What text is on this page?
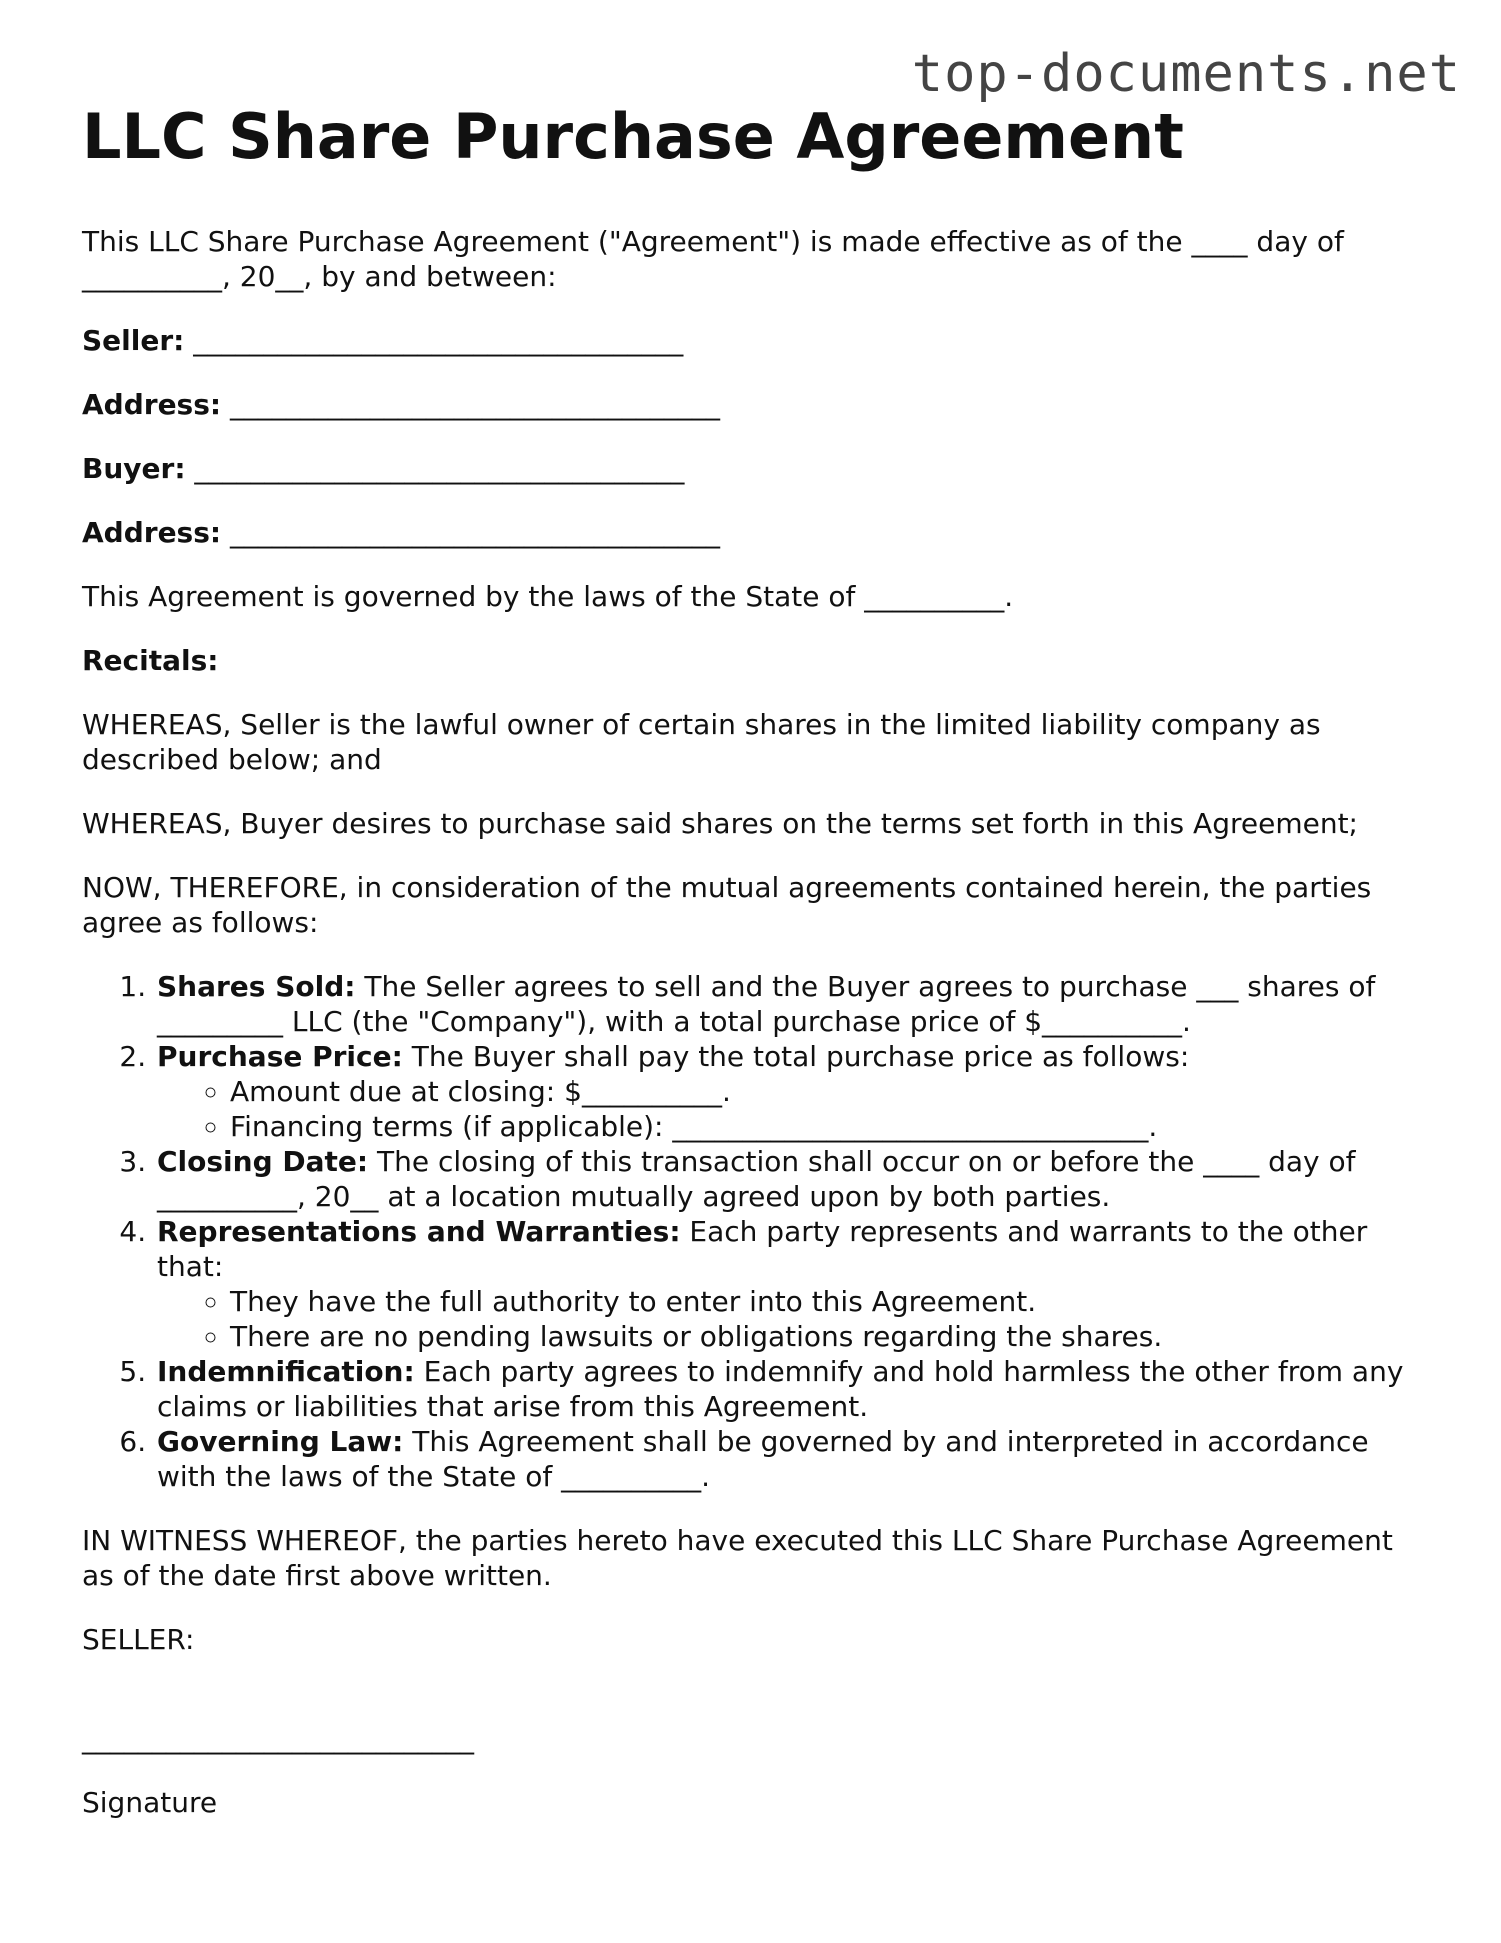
top-documents.net
LLC Share Purchase Agreement

This LLC Share Purchase Agreement ("Agreement") is made effective as of the ____ day of __________, 20__, by and between:

Seller: ___________________________________

Address: ___________________________________

Buyer: ___________________________________

Address: ___________________________________

This Agreement is governed by the laws of the State of __________.

Recitals:

WHEREAS, Seller is the lawful owner of certain shares in the limited liability company as described below; and

WHEREAS, Buyer desires to purchase said shares on the terms set forth in this Agreement;

NOW, THEREFORE, in consideration of the mutual agreements contained herein, the parties agree as follows:

1. Shares Sold: The Seller agrees to sell and the Buyer agrees to purchase ___ shares of _________ LLC (the "Company"), with a total purchase price of $__________.
2. Purchase Price: The Buyer shall pay the total purchase price as follows:
◦ Amount due at closing: $__________.
◦ Financing terms (if applicable): __________________________________.
3. Closing Date: The closing of this transaction shall occur on or before the ____ day of __________, 20__ at a location mutually agreed upon by both parties.
4. Representations and Warranties: Each party represents and warrants to the other that:
◦ They have the full authority to enter into this Agreement.
◦ There are no pending lawsuits or obligations regarding the shares.
5. Indemnification: Each party agrees to indemnify and hold harmless the other from any claims or liabilities that arise from this Agreement.
6. Governing Law: This Agreement shall be governed by and interpreted in accordance with the laws of the State of __________.

IN WITNESS WHEREOF, the parties hereto have executed this LLC Share Purchase Agreement as of the date first above written.

SELLER:

____________________________

Signature
